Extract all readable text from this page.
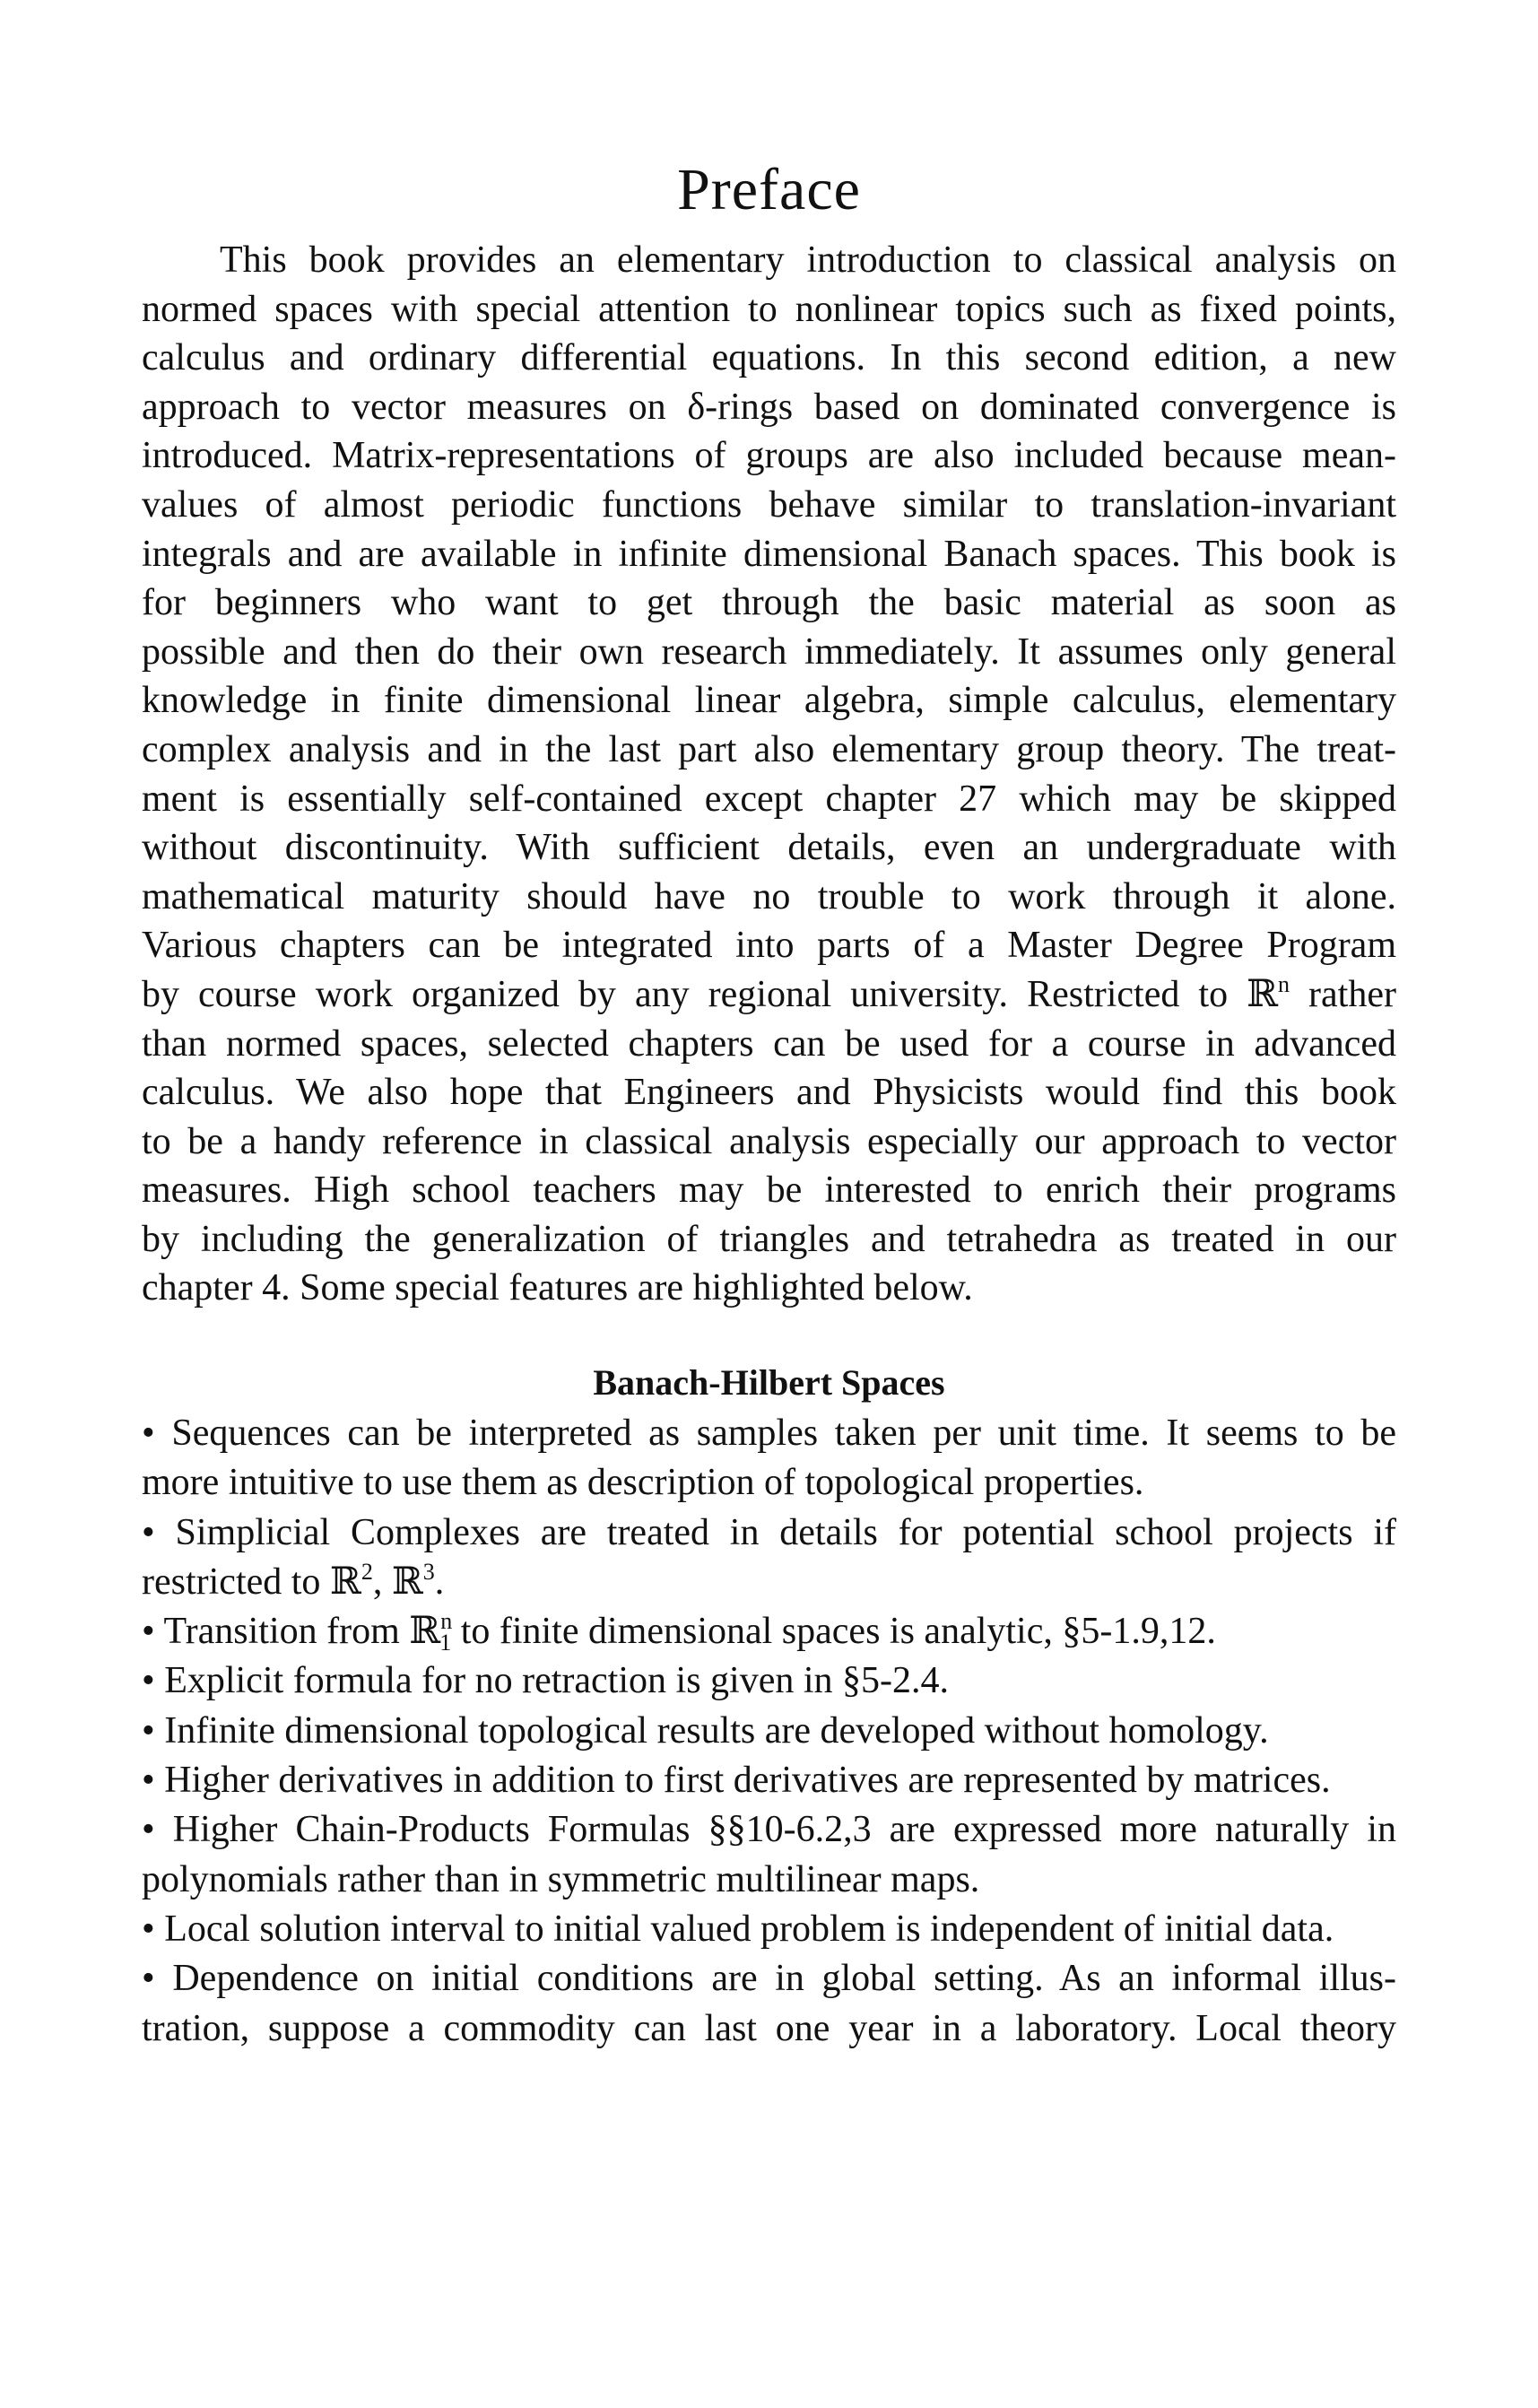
Preface
This book provides an elementary introduction to classical analysis on
normed spaces with special attention to nonlinear topics such as fixed points,
calculus and ordinary differential equations. In this second edition, a new
approach to vector measures on δ-rings based on dominated convergence is
introduced. Matrix-representations of groups are also included because mean-
values of almost periodic functions behave similar to translation-invariant
integrals and are available in infinite dimensional Banach spaces. This book is
for beginners who want to get through the basic material as soon as
possible and then do their own research immediately. It assumes only general
knowledge in finite dimensional linear algebra, simple calculus, elementary
complex analysis and in the last part also elementary group theory. The treat-
ment is essentially self-contained except chapter 27 which may be skipped
without discontinuity. With sufficient details, even an undergraduate with
mathematical maturity should have no trouble to work through it alone.
Various chapters can be integrated into parts of a Master Degree Program
by course work organized by any regional university. Restricted to ℝ$^n$ rather
than normed spaces, selected chapters can be used for a course in advanced
calculus. We also hope that Engineers and Physicists would find this book
to be a handy reference in classical analysis especially our approach to vector
measures. High school teachers may be interested to enrich their programs
by including the generalization of triangles and tetrahedra as treated in our
chapter 4. Some special features are highlighted below.
Banach-Hilbert Spaces
• Sequences can be interpreted as samples taken per unit time. It seems to be
more intuitive to use them as description of topological properties.
• Simplicial Complexes are treated in details for potential school projects if
restricted to ℝ$^2$, ℝ$^3$.
• Transition from ℝ$^n_1$ to finite dimensional spaces is analytic, §5-1.9,12.
• Explicit formula for no retraction is given in §5-2.4.
• Infinite dimensional topological results are developed without homology.
• Higher derivatives in addition to first derivatives are represented by matrices.
• Higher Chain-Products Formulas §§10-6.2,3 are expressed more naturally in
polynomials rather than in symmetric multilinear maps.
• Local solution interval to initial valued problem is independent of initial data.
• Dependence on initial conditions are in global setting. As an informal illus-
tration, suppose a commodity can last one year in a laboratory. Local theory
